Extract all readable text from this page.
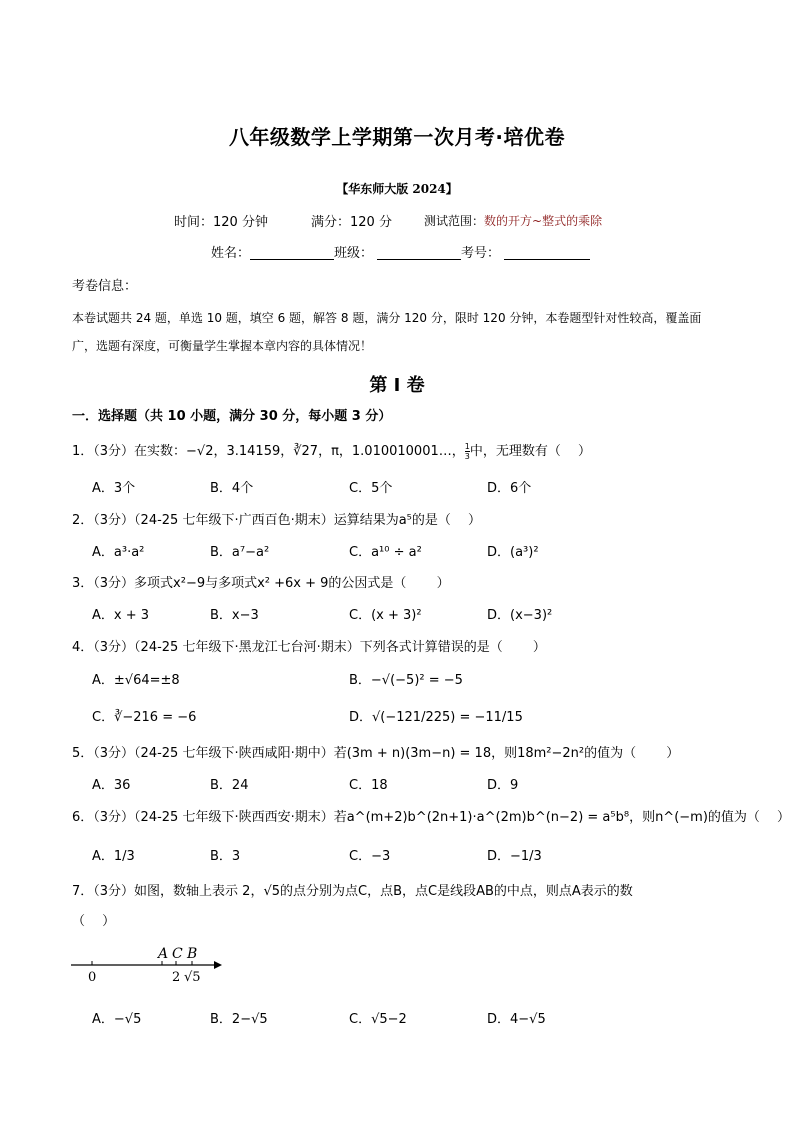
八年级数学上学期第一次月考·培优卷
【华东师大版 2024】
时间：120 分钟	满分：120 分	测试范围：数的开方~整式的乘除
姓名：	班级：	考号：
考卷信息：
本卷试题共 24 题，单选 10 题，填空 6 题，解答 8 题，满分 120 分，限时 120 分钟，本卷题型针对性较高，覆盖面广，选题有深度，可衡量学生掌握本章内容的具体情况！
第 I 卷
一．选择题（共 10 小题，满分 30 分，每小题 3 分）
1．（3分）在实数：−√2，3.14159，∛27，π，1.010010001…， $\frac{1}{3}$ 中，无理数有（　 ）
A．3个	B．4个	C．5个	D．6个
2．（3分）（24-25 七年级下·广西百色·期末）运算结果为a⁵的是（　 ）
A．a³·a²	B．a⁷−a²	C．a¹⁰ ÷ a²	D．(a³)²
3．（3分）多项式x²−9与多项式x² +6x + 9的公因式是（　　 ）
A．x + 3	B．x−3	C．(x + 3)²	D．(x−3)²
4．（3分）（24-25 七年级下·黑龙江七台河·期末）下列各式计算错误的是（　　 ）
A．±√64=±8	B．−√(−5)² = −5
C．∛−216 = −6	D．√(−121/225) = −11/15
5．（3分）（24-25 七年级下·陕西咸阳·期中）若(3m + n)(3m−n) = 18，则18m²−2n²的值为（　　 ）
A．36	B．24	C．18	D．9
6．（3分）（24-25 七年级下·陕西西安·期末）若a^(m+2)b^(2n+1)·a^(2m)b^(n−2) = a⁵b⁸，则n^(−m)的值为（　 ）
A．1/3	B．3	C．−3	D．−1/3
7．（3分）如图，数轴上表示 2，√5的点分别为点C，点B，点C是线段AB的中点，则点A表示的数
（　 ）
A C B
0	2 √5
A．−√5	B．2−√5	C．√5−2	D．4−√5
